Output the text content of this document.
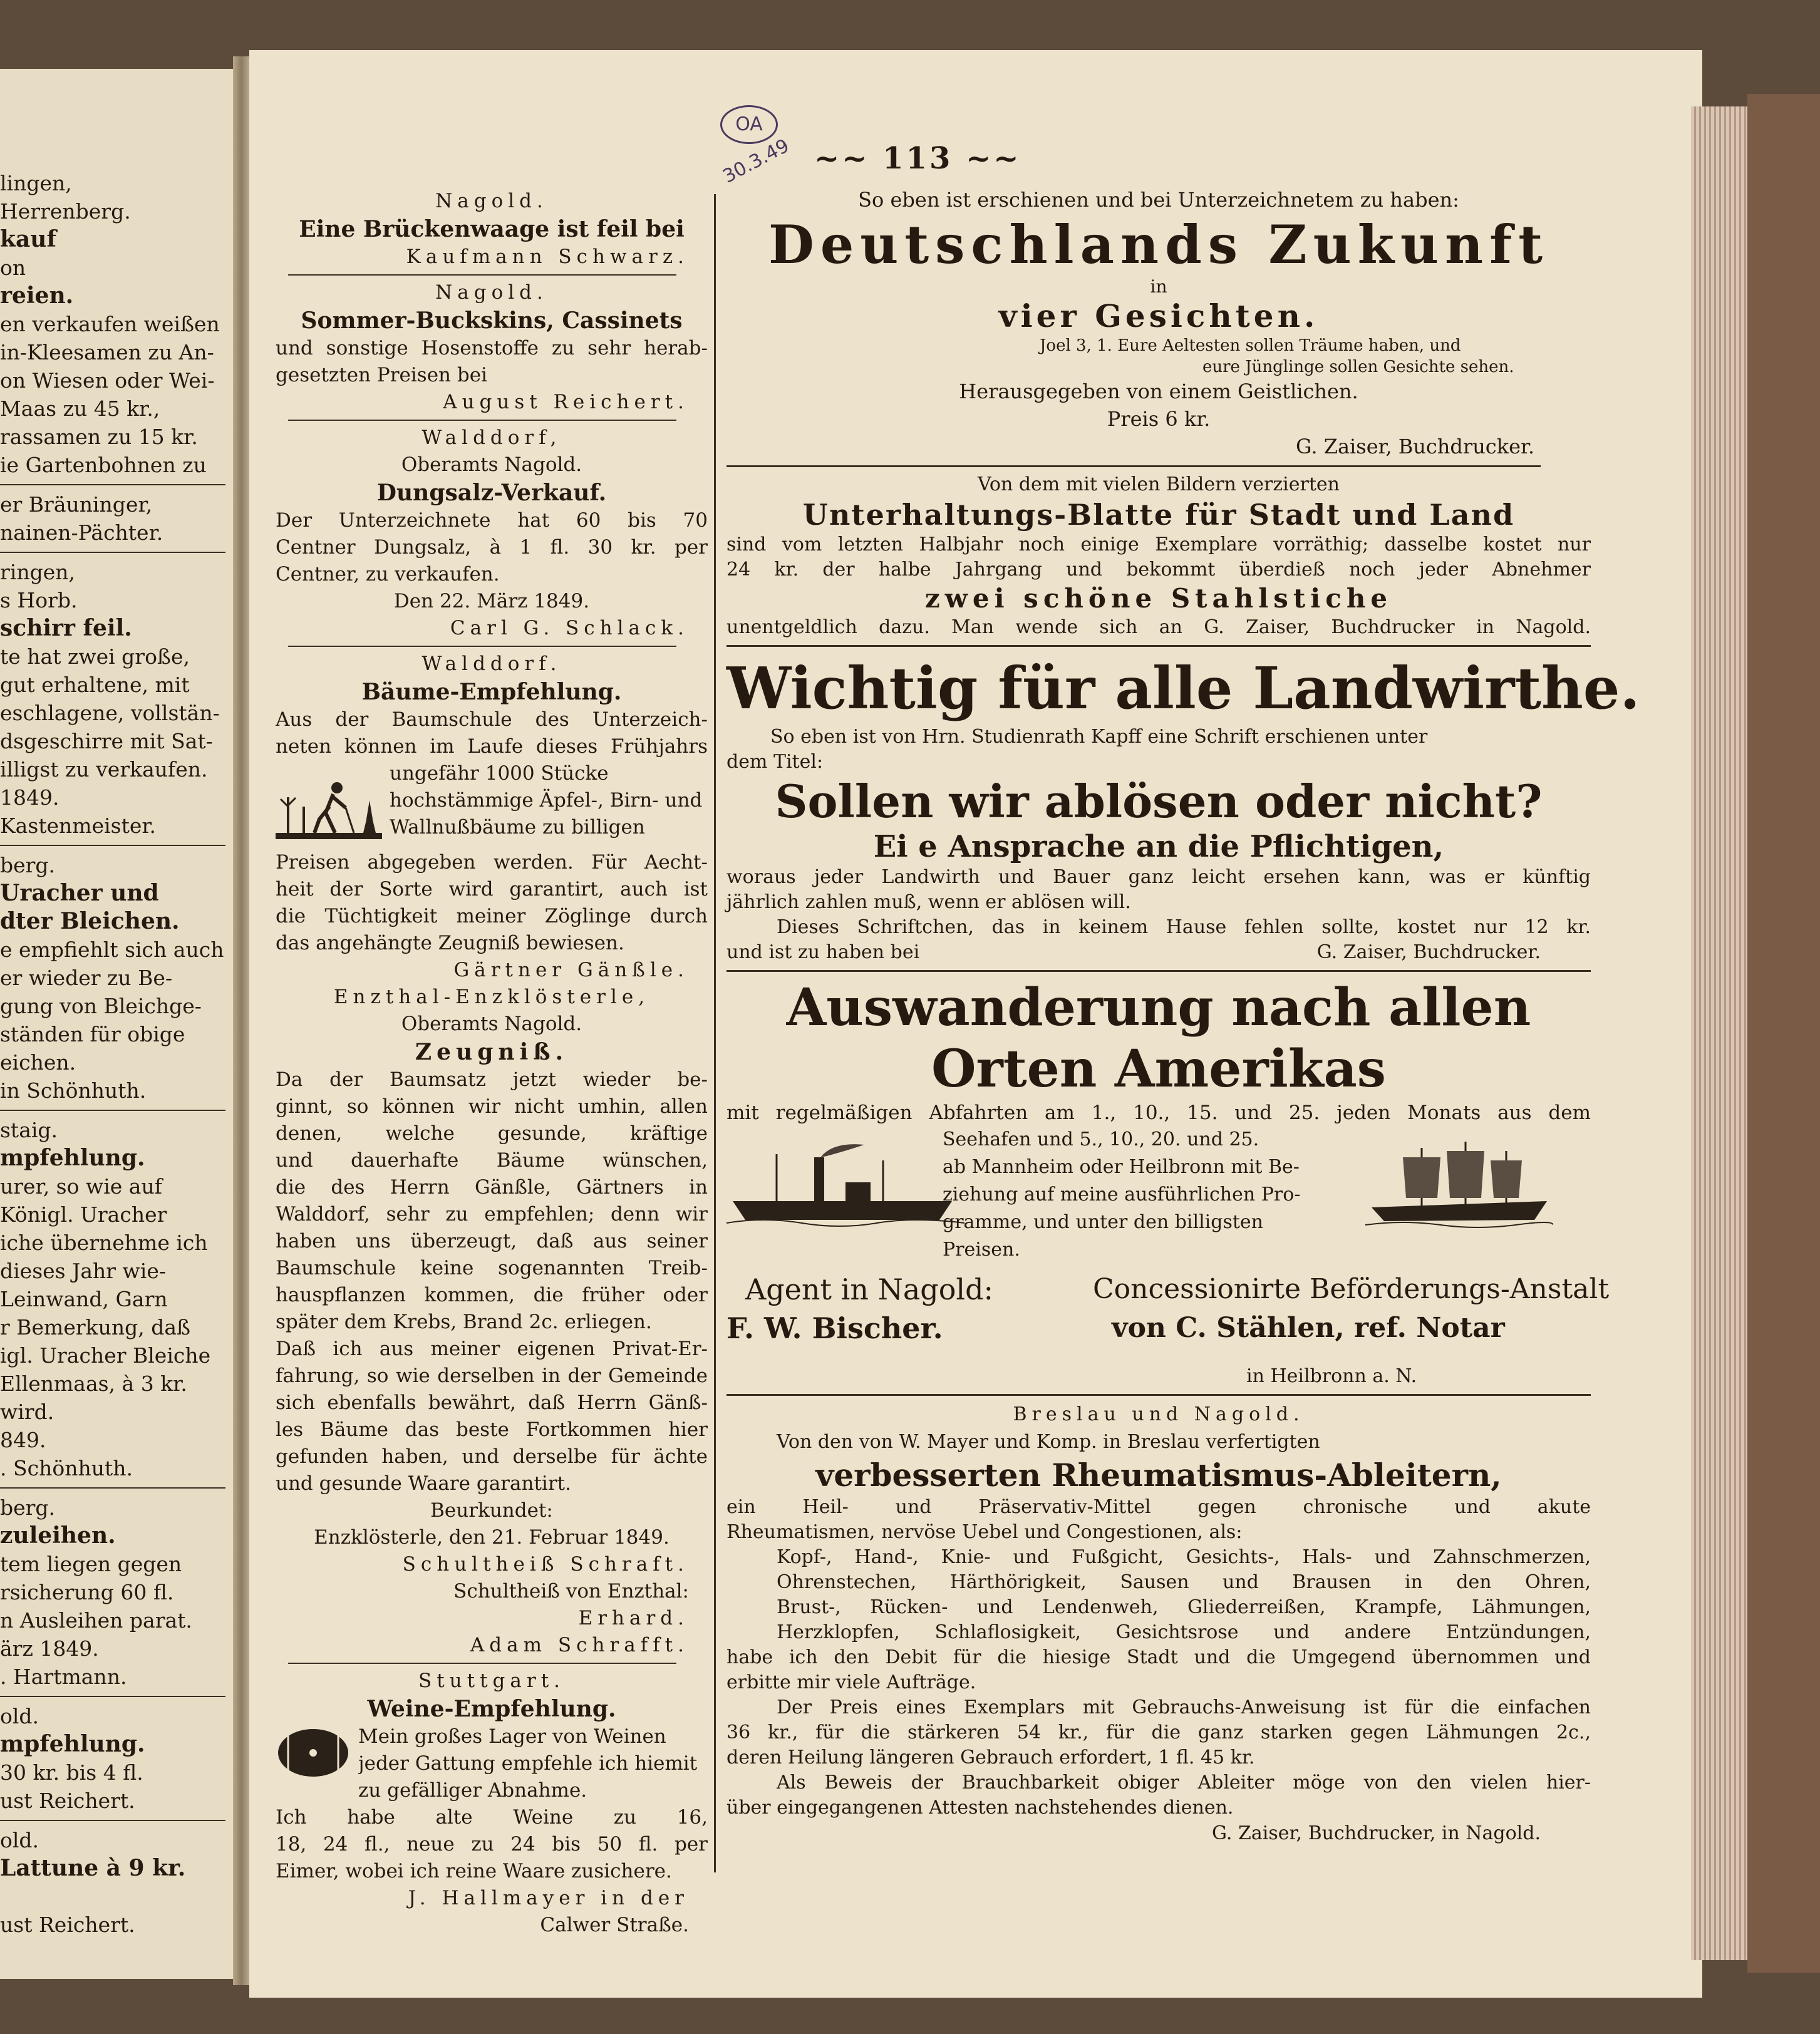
lingen,
Herrenberg.
kauf
on
reien.
en verkaufen weißen
in-Kleesamen zu An-
on Wiesen oder Wei-
Maas zu 45 kr.,
rassamen zu 15 kr.
ie Gartenbohnen zu
er Bräuninger,
nainen-Pächter.
ringen,
s Horb.
schirr feil.
te hat zwei große,
gut erhaltene, mit
eschlagene, vollstän-
dsgeschirre mit Sat-
illigst zu verkaufen.
1849.
Kastenmeister.
berg.
Uracher und
dter Bleichen.
e empfiehlt sich auch
er wieder zu Be-
gung von Bleichge-
ständen für obige
eichen.
in Schönhuth.
staig.
mpfehlung.
urer, so wie auf
Königl. Uracher
iche übernehme ich
dieses Jahr wie-
Leinwand, Garn
r Bemerkung, daß
igl. Uracher Bleiche
Ellenmaas, à 3 kr.
wird.
849.
. Schönhuth.
berg.
zuleihen.
tem liegen gegen
rsicherung 60 fl.
n Ausleihen parat.
ärz 1849.
. Hartmann.
old.
mpfehlung.
30 kr. bis 4 fl.
ust Reichert.
old.
Lattune à 9 kr.
ust Reichert.
Nagold.
Eine Brückenwaage ist feil bei
Kaufmann Schwarz.
Nagold.
Sommer-Buckskins, Cassinets
und sonstige Hosenstoffe zu sehr herab-
gesetzten Preisen bei
August Reichert.
Walddorf,
Oberamts Nagold.
Dungsalz-Verkauf.
Der Unterzeichnete hat 60 bis 70
Centner Dungsalz, à 1 fl. 30 kr. per
Centner, zu verkaufen.
Den 22. März 1849.
Carl G. Schlack.
Walddorf.
Bäume-Empfehlung.
Aus der Baumschule des Unterzeich-
neten können im Laufe dieses Frühjahrs
ungefähr 1000 Stücke hochstämmige Äpfel-, Birn- und Wallnußbäume zu billigen
Preisen abgegeben werden. Für Aecht-
heit der Sorte wird garantirt, auch ist
die Tüchtigkeit meiner Zöglinge durch
das angehängte Zeugniß bewiesen.
Gärtner Gänßle.
Enzthal-Enzklösterle,
Oberamts Nagold.
Zeugniß.
Da der Baumsatz jetzt wieder be-
ginnt, so können wir nicht umhin, allen
denen, welche gesunde, kräftige
und dauerhafte Bäume wünschen,
die des Herrn Gänßle, Gärtners in
Walddorf, sehr zu empfehlen; denn wir
haben uns überzeugt, daß aus seiner
Baumschule keine sogenannten Treib-
hauspflanzen kommen, die früher oder
später dem Krebs, Brand 2c. erliegen.
Daß ich aus meiner eigenen Privat-Er-
fahrung, so wie derselben in der Gemeinde
sich ebenfalls bewährt, daß Herrn Gänß-
les Bäume das beste Fortkommen hier
gefunden haben, und derselbe für ächte
und gesunde Waare garantirt.
Beurkundet:
Enzklösterle, den 21. Februar 1849.
Schultheiß Schraft.
Schultheiß von Enzthal:
Erhard.
Adam Schrafft.
Stuttgart.
Weine-Empfehlung.
Mein großes Lager von Weinen jeder Gattung empfehle ich hiemit zu gefälliger Abnahme.
Ich habe alte Weine zu 16,
18, 24 fl., neue zu 24 bis 50 fl. per
Eimer, wobei ich reine Waare zusichere.
J. Hallmayer in der
Calwer Straße.
OA
30.3.49 ~~ 113 ~~
So eben ist erschienen und bei Unterzeichnetem zu haben:
Deutschlands Zukunft
in
vier Gesichten.
Joel 3, 1. Eure Aeltesten sollen Träume haben, und
eure Jünglinge sollen Gesichte sehen.
Herausgegeben von einem Geistlichen.
Preis 6 kr.
G. Zaiser, Buchdrucker.
Von dem mit vielen Bildern verzierten
Unterhaltungs-Blatte für Stadt und Land
sind vom letzten Halbjahr noch einige Exemplare vorräthig; dasselbe kostet nur
24 kr. der halbe Jahrgang und bekommt überdieß noch jeder Abnehmer
zwei schöne Stahlstiche
unentgeldlich dazu. Man wende sich an G. Zaiser, Buchdrucker in Nagold.
Wichtig für alle Landwirthe.
So eben ist von Hrn. Studienrath Kapff eine Schrift erschienen unter
dem Titel:
Sollen wir ablösen oder nicht?
Ei e Ansprache an die Pflichtigen,
woraus jeder Landwirth und Bauer ganz leicht ersehen kann, was er künftig
jährlich zahlen muß, wenn er ablösen will.
Dieses Schriftchen, das in keinem Hause fehlen sollte, kostet nur 12 kr.
und ist zu haben bei	G. Zaiser, Buchdrucker.
Auswanderung nach allen
Orten Amerikas
mit regelmäßigen Abfahrten am 1., 10., 15. und 25. jeden Monats aus dem
Seehafen und 5., 10., 20. und 25.
ab Mannheim oder Heilbronn mit Be-
ziehung auf meine ausführlichen Pro-
gramme, und unter den billigsten
Preisen.
Agent in Nagold:
F. W. Bischer.
Concessionirte Beförderungs-Anstalt
von C. Stählen, ref. Notar
in Heilbronn a. N.
Breslau und Nagold.
Von den von W. Mayer und Komp. in Breslau verfertigten
verbesserten Rheumatismus-Ableitern,
ein Heil- und Präservativ-Mittel gegen chronische und akute
Rheumatismen, nervöse Uebel und Congestionen, als:
Kopf-, Hand-, Knie- und Fußgicht, Gesichts-, Hals- und Zahnschmerzen,
Ohrenstechen, Härthörigkeit, Sausen und Brausen in den Ohren,
Brust-, Rücken- und Lendenweh, Gliederreißen, Krampfe, Lähmungen,
Herzklopfen, Schlaflosigkeit, Gesichtsrose und andere Entzündungen,
habe ich den Debit für die hiesige Stadt und die Umgegend übernommen und
erbitte mir viele Aufträge.
Der Preis eines Exemplars mit Gebrauchs-Anweisung ist für die einfachen
36 kr., für die stärkeren 54 kr., für die ganz starken gegen Lähmungen 2c.,
deren Heilung längeren Gebrauch erfordert, 1 fl. 45 kr.
Als Beweis der Brauchbarkeit obiger Ableiter möge von den vielen hier-
über eingegangenen Attesten nachstehendes dienen.
G. Zaiser, Buchdrucker, in Nagold.
